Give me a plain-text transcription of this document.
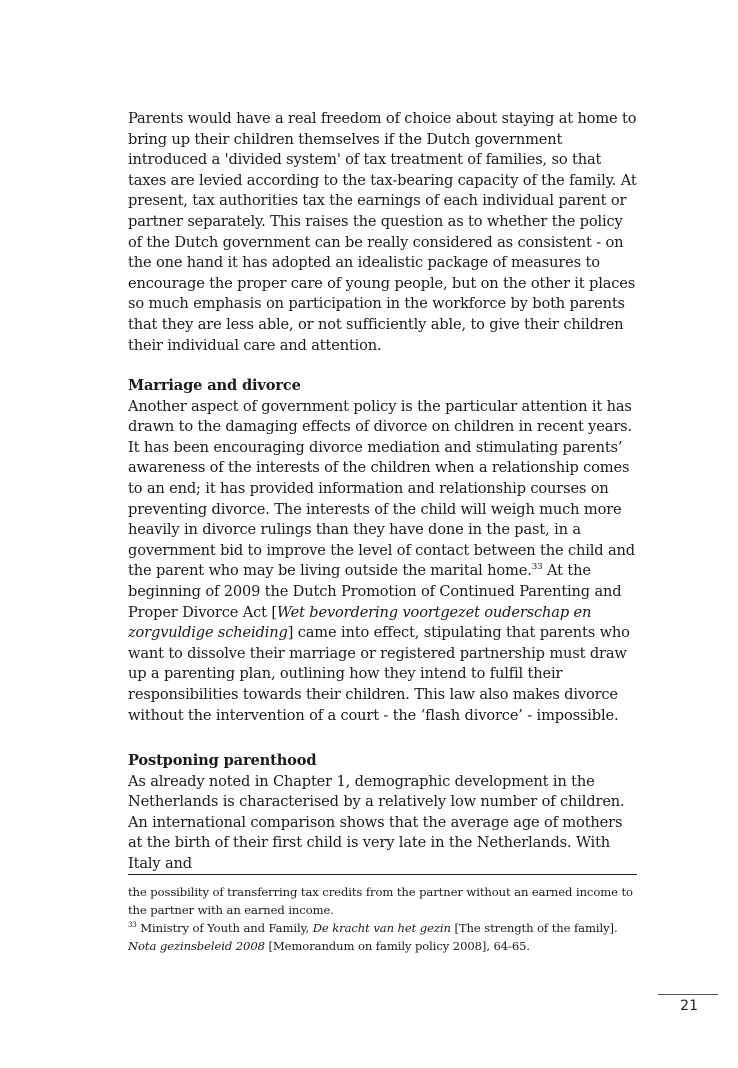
Parents would have a real freedom of choice about staying at home to bring up their children themselves if the Dutch government introduced a 'divided system' of tax treatment of families, so that taxes are levied according to the tax-bearing capacity of the family. At present, tax authorities tax the earnings of each individual parent or partner separately. This raises the question as to whether the policy of the Dutch government can be really considered as consistent - on the one hand it has adopted an idealistic package of measures to encourage the proper care of young people, but on the other it places so much emphasis on participation in the workforce by both parents that they are less able, or not sufficiently able, to give their children their individual care and attention.

Marriage and divorce

Another aspect of government policy is the particular attention it has drawn to the damaging effects of divorce on children in recent years. It has been encouraging divorce mediation and stimulating parents’ awareness of the interests of the children when a relationship comes to an end; it has provided information and relationship courses on preventing divorce. The interests of the child will weigh much more heavily in divorce rulings than they have done in the past, in a government bid to improve the level of contact between the child and the parent who may be living outside the marital home.$^{33}$ At the beginning of 2009 the Dutch Promotion of Continued Parenting and Proper Divorce Act [Wet bevordering voortgezet ouderschap en zorgvuldige scheiding] came into effect, stipulating that parents who want to dissolve their marriage or registered partnership must draw up a parenting plan, outlining how they intend to fulfil their responsibilities towards their children. This law also makes divorce without the intervention of a court - the ‘flash divorce’ - impossible.

Postponing parenthood

As already noted in Chapter 1, demographic development in the Netherlands is characterised by a relatively low number of children. An international comparison shows that the average age of mothers at the birth of their first child is very late in the Netherlands. With Italy and

the possibility of transferring tax credits from the partner without an earned income to the partner with an earned income.

$^{33}$ Ministry of Youth and Family, De kracht van het gezin [The strength of the family]. Nota gezinsbeleid 2008 [Memorandum on family policy 2008], 64-65.

21
